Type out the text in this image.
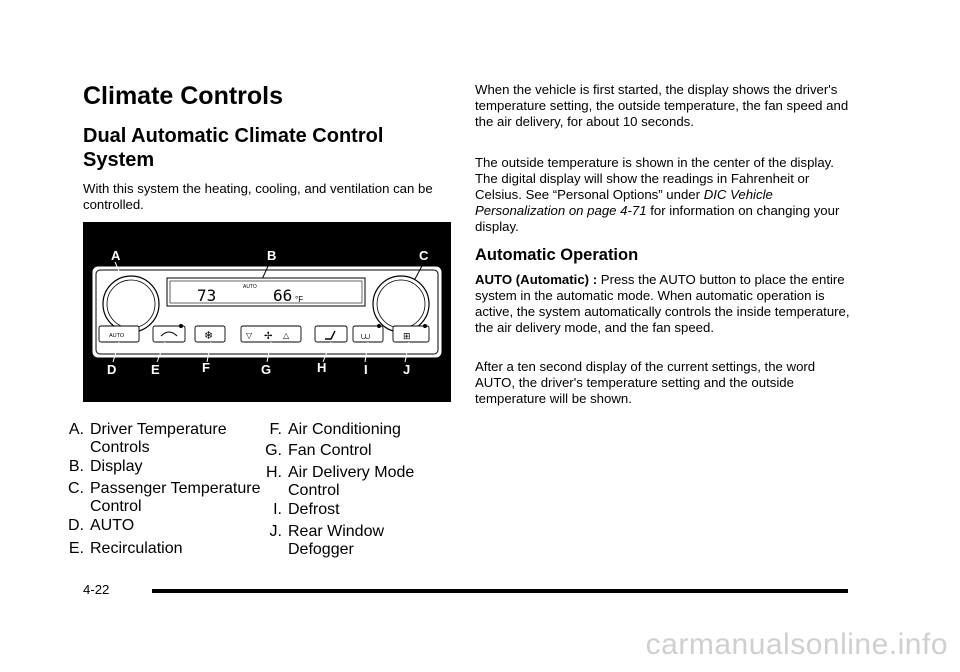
Climate Controls
Dual Automatic Climate Control System

With this system the heating, cooling, and ventilation can be controlled.

A	B	C
73	AUTO 66 °F
AUTO	❄	▽ ✢ △	⩊	⊞
D	E	F	G	H	I	J
A. Driver Temperature Controls
B. Display
C. Passenger Temperature Control
D. AUTO
E. Recirculation
F. Air Conditioning
G. Fan Control
H. Air Delivery Mode Control
I. Defrost
J. Rear Window Defogger

When the vehicle is first started, the display shows the driver's temperature setting, the outside temperature, the fan speed and the air delivery, for about 10 seconds.

The outside temperature is shown in the center of the display. The digital display will show the readings in Fahrenheit or Celsius. See “Personal Options” under DIC Vehicle Personalization on page 4‑71 for information on changing your display.

Automatic Operation

AUTO (Automatic) : Press the AUTO button to place the entire system in the automatic mode. When automatic operation is active, the system automatically controls the inside temperature, the air delivery mode, and the fan speed.

After a ten second display of the current settings, the word AUTO, the driver's temperature setting and the outside temperature will be shown.

4-22
carmanualsonline.info
